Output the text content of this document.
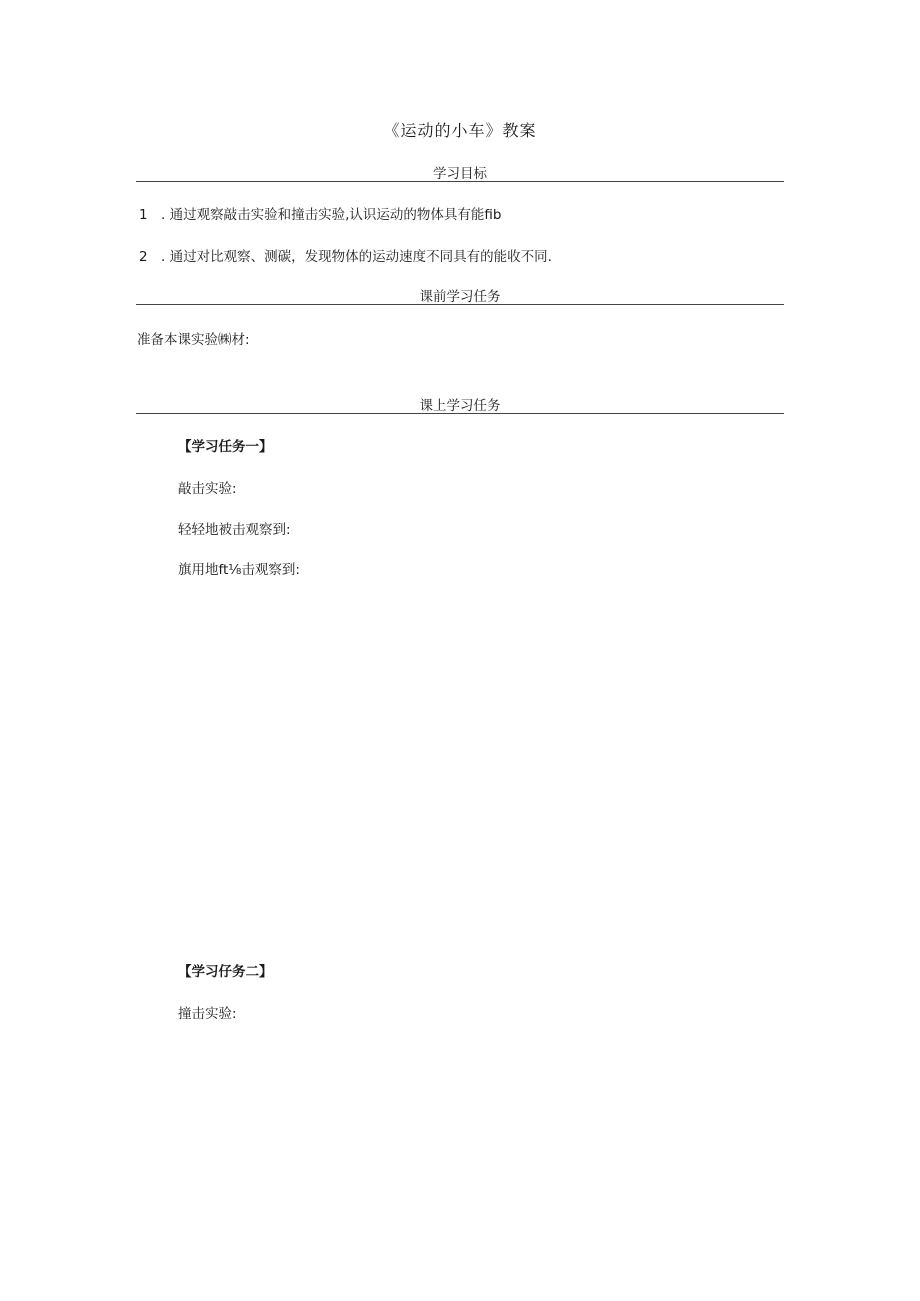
《运动的小车》教案
学习目标
1 . 通过观察敲击实验和撞击实验,认识运动的物体具有能fib
2 . 通过对比观察、测碳，发现物体的运动速度不同具有的能收不同.
课前学习任务
准备本课实验㈱材:
课上学习任务
【学习任务一】
敲击实验:
轻轻地被击观察到:
旗用地ft⅛击观察到:
【学习仔务二】
撞击实验:
